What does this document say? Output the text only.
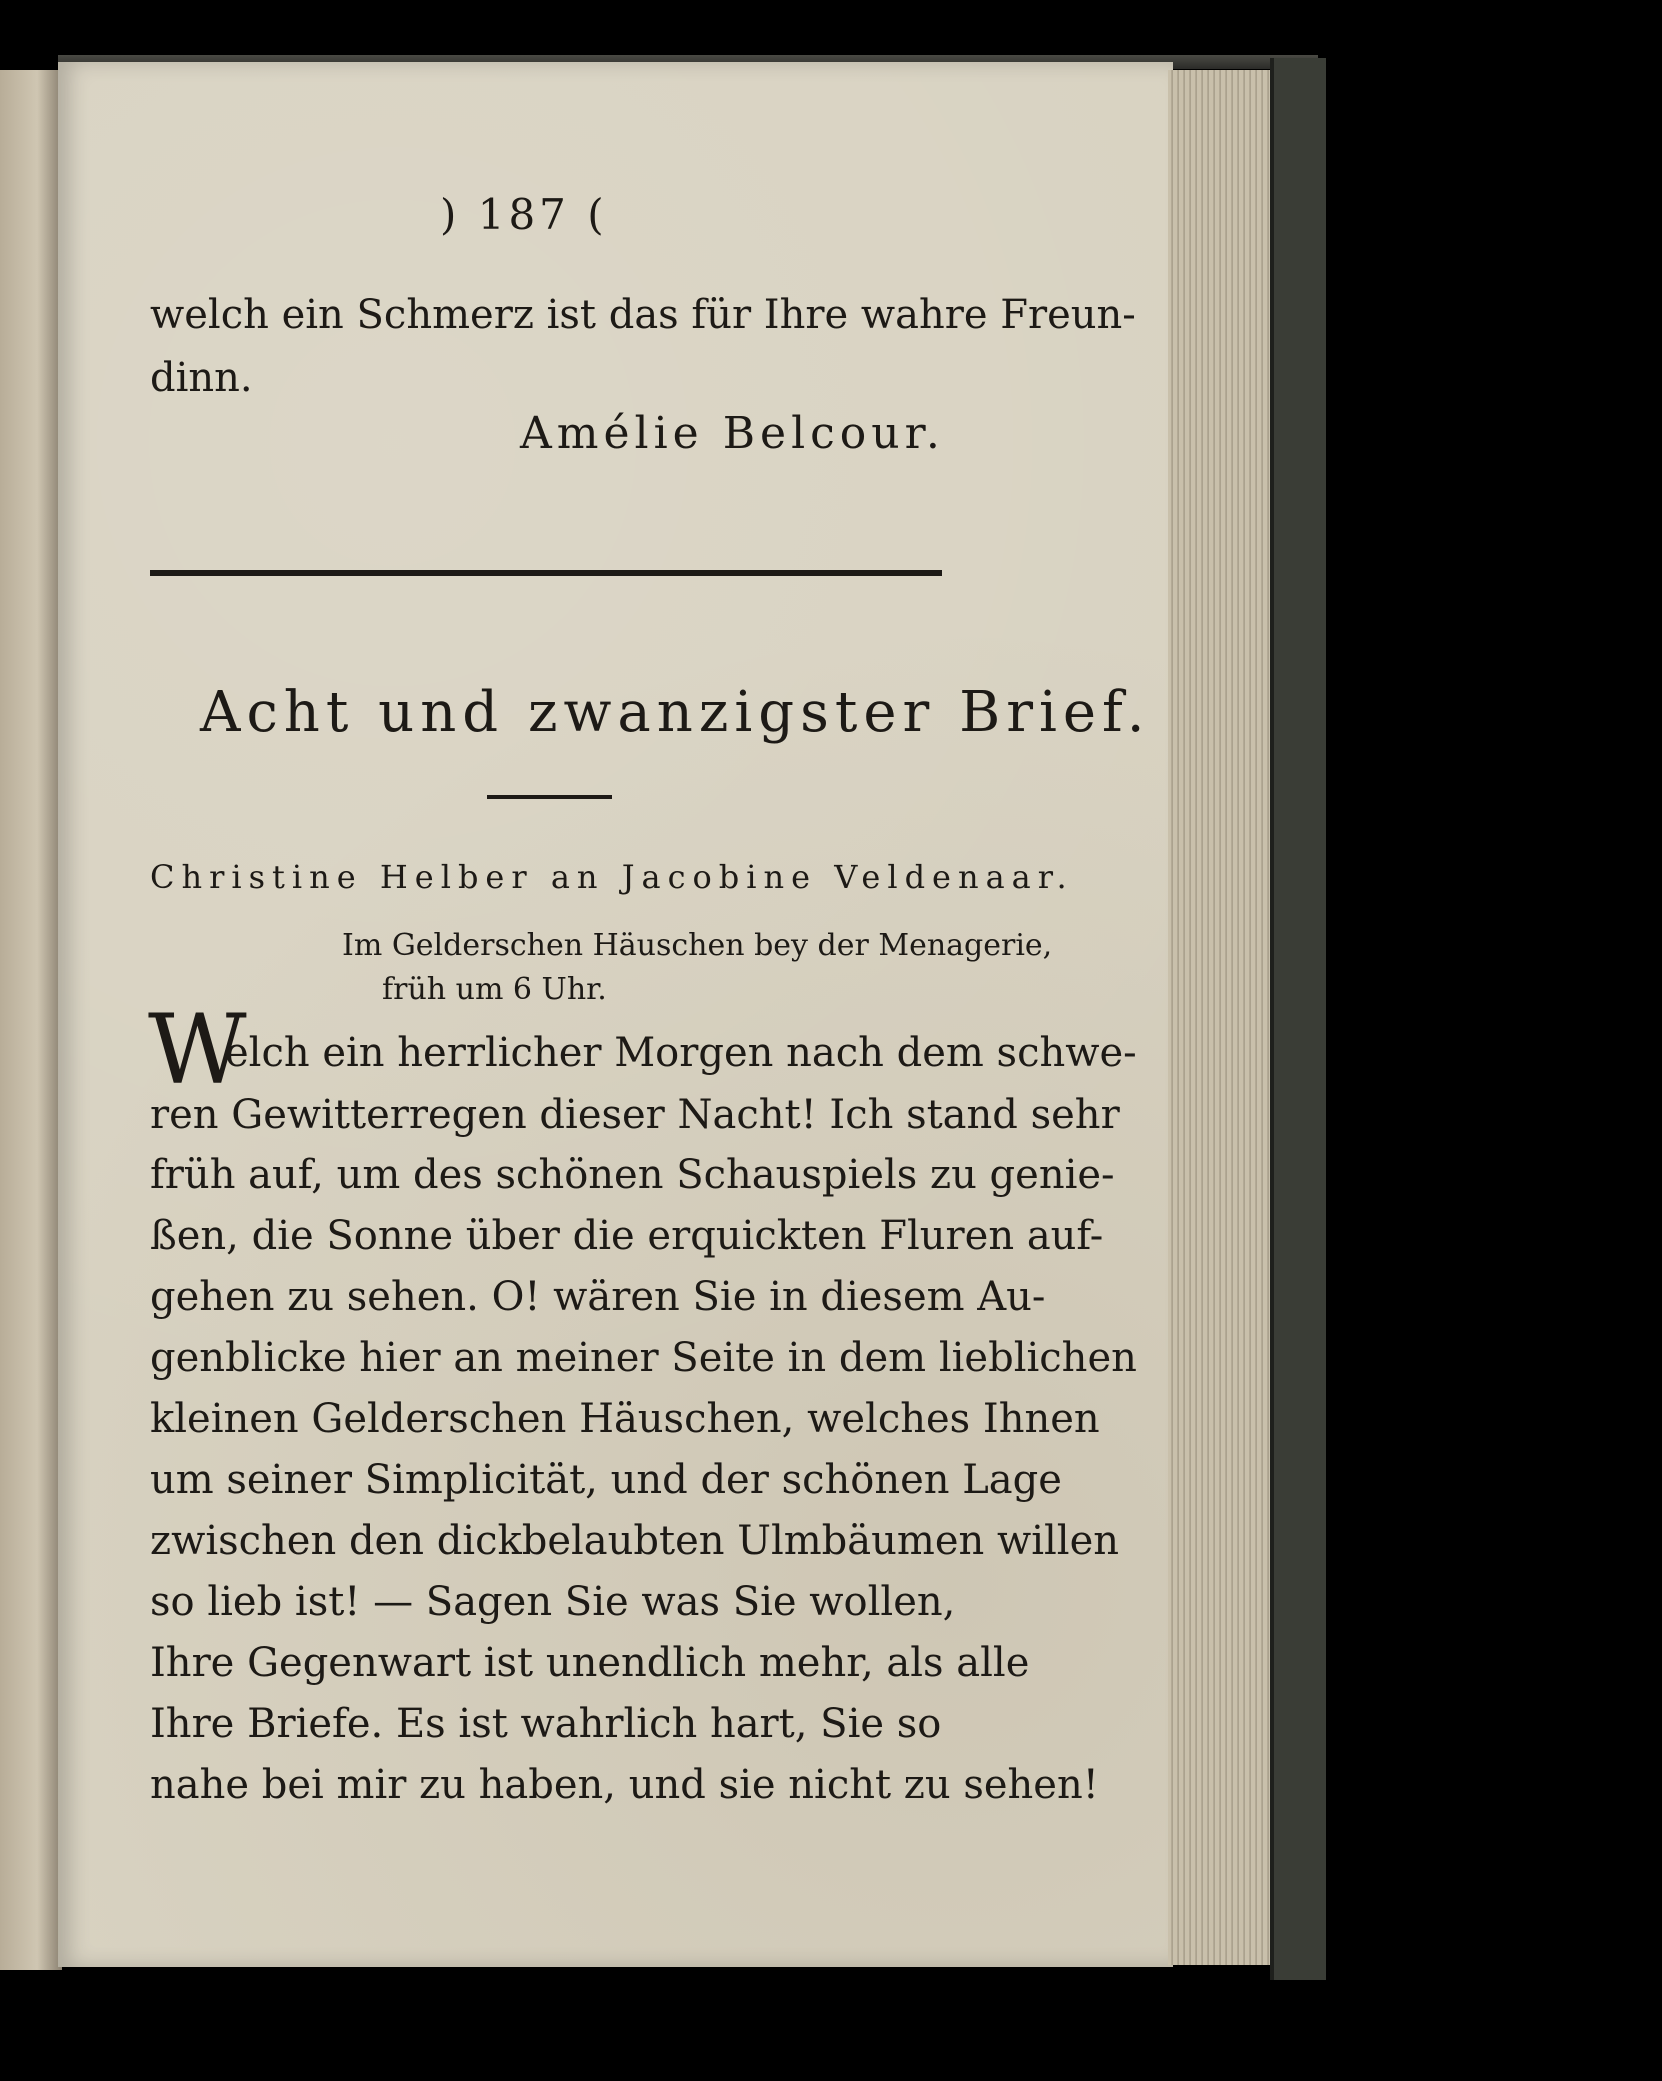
) 187 (
welch ein Schmerz ist das für Ihre wahre Freun-
dinn.
Amélie Belcour.
Acht und zwanzigster Brief.
Christine Helber an Jacobine Veldenaar.
Im Gelderschen Häuschen bey der Menagerie,
früh um 6 Uhr.
W
elch ein herrlicher Morgen nach dem schwe-
ren Gewitterregen dieser Nacht! Ich stand sehr
früh auf, um des schönen Schauspiels zu genie-
ßen, die Sonne über die erquickten Fluren auf-
gehen zu sehen. O! wären Sie in diesem Au-
genblicke hier an meiner Seite in dem lieblichen
kleinen Gelderschen Häuschen, welches Ihnen
um seiner Simplicität, und der schönen Lage
zwischen den dickbelaubten Ulmbäumen willen
so lieb ist! — Sagen Sie was Sie wollen,
Ihre Gegenwart ist unendlich mehr, als alle
Ihre Briefe. Es ist wahrlich hart, Sie so
nahe bei mir zu haben, und sie nicht zu sehen!
